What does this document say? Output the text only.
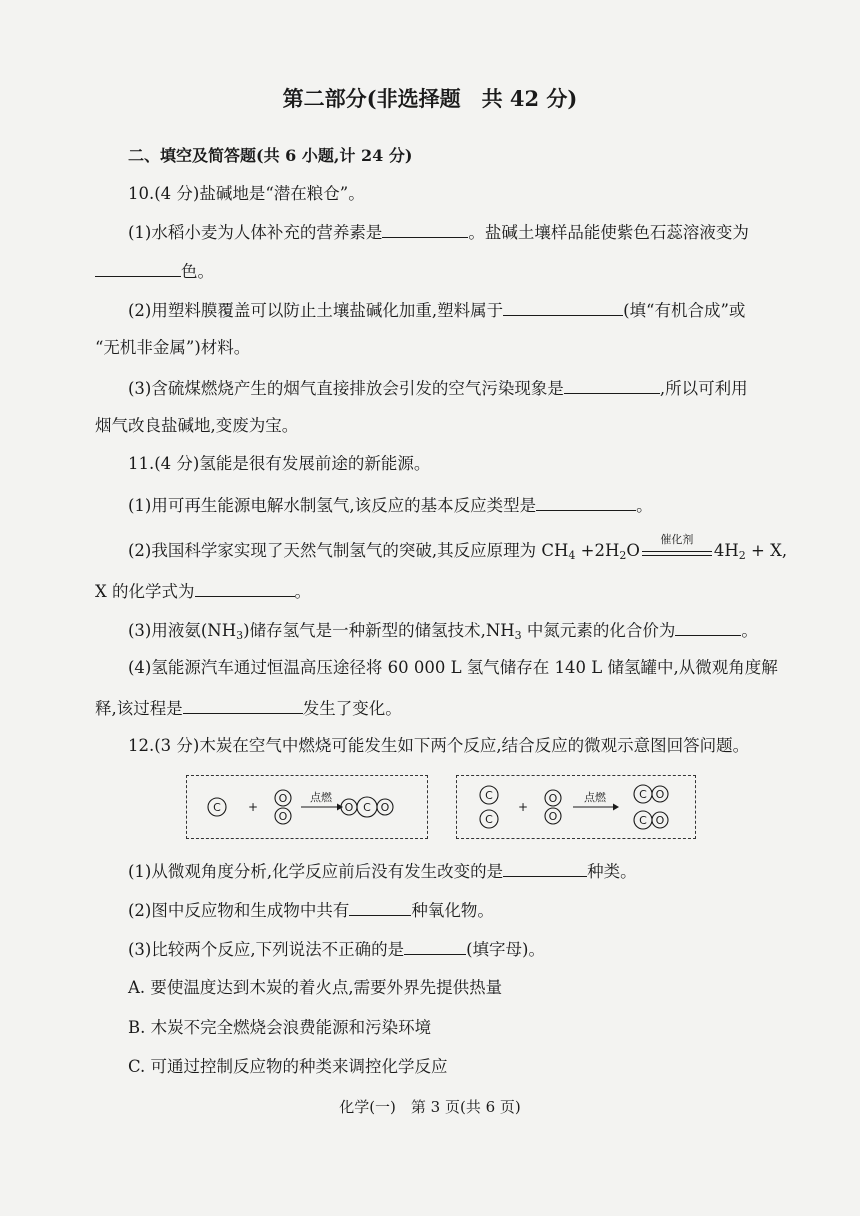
第二部分(非选择题　共 42 分)
二、填空及简答题(共 6 小题,计 24 分)
10.(4 分)盐碱地是“潜在粮仓”。
(1)水稻小麦为人体补充的营养素是	。盐碱土壤样品能使紫色石蕊溶液变为
色。
(2)用塑料膜覆盖可以防止土壤盐碱化加重,塑料属于	(填“有机合成”或
“无机非金属”)材料。
(3)含硫煤燃烧产生的烟气直接排放会引发的空气污染现象是	,所以可利用
烟气改良盐碱地,变废为宝。
11.(4 分)氢能是很有发展前途的新能源。
(1)用可再生能源电解水制氢气,该反应的基本反应类型是	。
(2)我国科学家实现了天然气制氢气的突破,其反应原理为 $CH_4 +2H_2O$
催化剂
$4H_2 + X$,
X 的化学式为	。
(3)用液氨$(NH_3)$储存氢气是一种新型的储氢技术$,NH_3$ 中氮元素的化合价为	。
(4)氢能源汽车通过恒温高压途径将 60 000 L 氢气储存在 140 L 储氢罐中,从微观角度解
释,该过程是	发生了变化。
12.(3 分)木炭在空气中燃烧可能发生如下两个反应,结合反应的微观示意图回答问题。
C
O
O
O C O
+
点燃	C
C
O
O
C O
C O
+
点燃
(1)从微观角度分析,化学反应前后没有发生改变的是	种类。
(2)图中反应物和生成物中共有	种氧化物。
(3)比较两个反应,下列说法不正确的是	(填字母)。
A. 要使温度达到木炭的着火点,需要外界先提供热量
B. 木炭不完全燃烧会浪费能源和污染环境
C. 可通过控制反应物的种类来调控化学反应
化学(一)　第 3 页(共 6 页)
